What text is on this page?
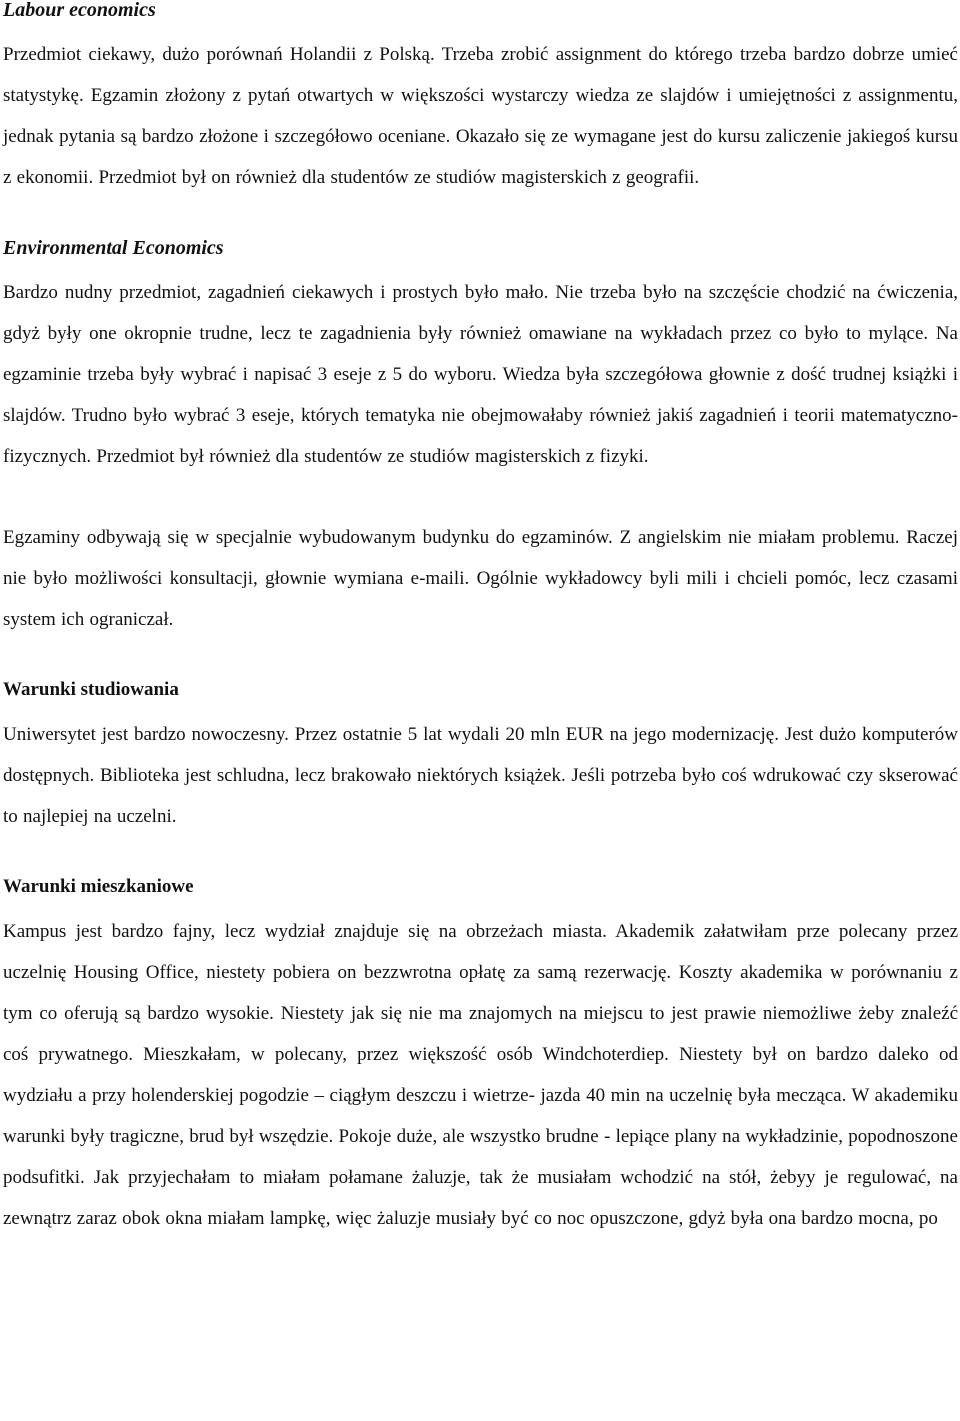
Labour economics

Przedmiot ciekawy, dużo porównań Holandii z Polską. Trzeba zrobić assignment do którego trzeba bardzo dobrze umieć statystykę. Egzamin złożony z pytań otwartych w większości wystarczy wiedza ze slajdów i umiejętności z assignmentu, jednak pytania są bardzo złożone i szczegółowo oceniane. Okazało się ze wymagane jest do kursu zaliczenie jakiegoś kursu z ekonomii. Przedmiot był on również dla studentów ze studiów magisterskich z geografii.

Environmental Economics

Bardzo nudny przedmiot, zagadnień ciekawych i prostych było mało. Nie trzeba było na szczęście chodzić na ćwiczenia, gdyż były one okropnie trudne, lecz te zagadnienia były również omawiane na wykładach przez co było to mylące. Na egzaminie trzeba były wybrać i napisać 3 eseje z 5 do wyboru. Wiedza była szczegółowa głownie z dość trudnej książki i slajdów. Trudno było wybrać 3 eseje, których tematyka nie obejmowałaby również jakiś zagadnień i teorii matematyczno-fizycznych. Przedmiot był również dla studentów ze studiów magisterskich z fizyki.

Egzaminy odbywają się w specjalnie wybudowanym budynku do egzaminów. Z angielskim nie miałam problemu. Raczej nie było możliwości konsultacji, głownie wymiana e-maili. Ogólnie wykładowcy byli mili i chcieli pomóc, lecz czasami system ich ograniczał.

Warunki studiowania

Uniwersytet jest bardzo nowoczesny. Przez ostatnie 5 lat wydali 20 mln EUR na jego modernizację. Jest dużo komputerów dostępnych. Biblioteka jest schludna, lecz brakowało niektórych książek. Jeśli potrzeba było coś wdrukować czy skserować to najlepiej na uczelni.

Warunki mieszkaniowe

Kampus jest bardzo fajny, lecz wydział znajduje się na obrzeżach miasta. Akademik załatwiłam prze polecany przez uczelnię Housing Office, niestety pobiera on bezzwrotna opłatę za samą rezerwację. Koszty akademika w porównaniu z tym co oferują są bardzo wysokie. Niestety jak się nie ma znajomych na miejscu to jest prawie niemożliwe żeby znaleźć coś prywatnego. Mieszkałam, w polecany, przez większość osób Windchoterdiep. Niestety był on bardzo daleko od wydziału a przy holenderskiej pogodzie – ciągłym deszczu i wietrze- jazda 40 min na uczelnię była mecząca. W akademiku warunki były tragiczne, brud był wszędzie. Pokoje duże, ale wszystko brudne - lepiące plany na wykładzinie, popodnoszone podsufitki. Jak przyjechałam to miałam połamane żaluzje, tak że musiałam wchodzić na stół, żebyy je regulować, na zewnątrz zaraz obok okna miałam lampkę, więc żaluzje musiały być co noc opuszczone, gdyż była ona bardzo mocna, po
